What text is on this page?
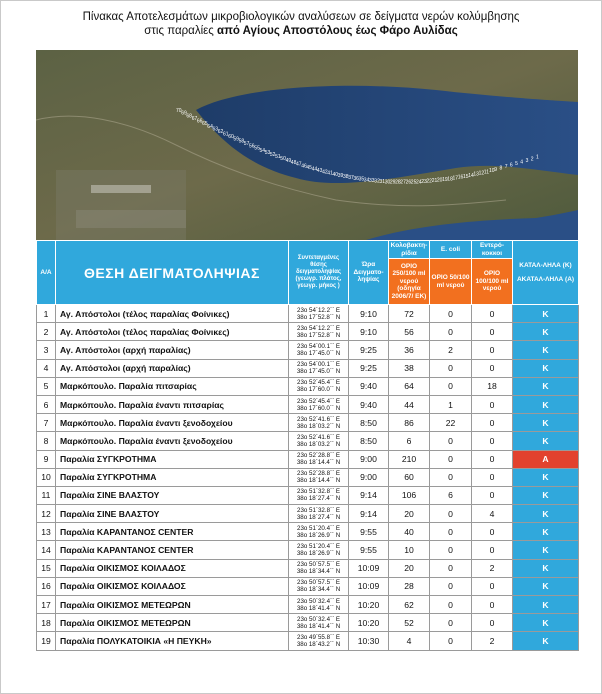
Πίνακας Αποτελεσμάτων μικροβιολογικών αναλύσεων σε δείγματα νερών κολύμβησης
στις παραλίες από Αγίους Αποστόλους έως Φάρο Αυλίδας
70 69 68 67 66 65 64 63 62 61 60 59 58 57 56 55 54 53 52 51 50 49 48 47 46 45 44 43 42 41 40 39 38 37 36 35 34 33 32 31 30 29 28 27 26 25 24 23 22 21 20 19 18 17 16 15 14 13 12 11 10 9 8 7 6 5 4 3 2 1
Α/Α	ΘΕΣΗ ΔΕΙΓΜΑΤΟΛΗΨΙΑΣ	Συντεταγμένες θέσης δειγματοληψίας (γεωγρ. πλάτος, γεωγρ. μήκος )	Ώρα Δειγματο-ληψίας	Κολοβακτη-ρίδια	E. coli	Εντερό-κοκκοι	ΚΑΤΑΛ-ΛΗΛΑ (Κ)
ΑΚΑΤΑΛ-ΛΗΛΑ (Α)

				ΟΡΙΟ 250/100 ml νερού (οδηγία 2006/7/ ΕΚ)	ΟΡΙΟ 50/100 ml νερού	ΟΡΙΟ 100/100 ml νερού	
1	Αγ. Απόστολοι (τέλος παραλίας Φοίνικες)	23ο 54΄12.2΄΄ Ε
38ο 17΄52.8΄΄ Ν	9:10	72	0	0	Κ
2	Αγ. Απόστολοι (τέλος παραλίας Φοίνικες)	23ο 54΄12.2΄΄ Ε
38ο 17΄52.8΄΄ Ν	9:10	56	0	0	Κ
3	Αγ. Απόστολοι (αρχή παραλίας)	23ο 54΄00.1΄΄ Ε
38ο 17΄45.0΄΄ Ν	9:25	36	2	0	Κ
4	Αγ. Απόστολοι (αρχή παραλίας)	23ο 54΄00.1΄΄ Ε
38ο 17΄45.0΄΄ Ν	9:25	38	0	0	Κ
5	Μαρκόπουλο. Παραλία πιτσαρίας	23ο 52΄45.4΄΄ Ε
38ο 17΄60.0΄΄ Ν	9:40	64	0	18	Κ
6	Μαρκόπουλο. Παραλία έναντι πιτσαρίας	23ο 52΄45.4΄΄ Ε
38ο 17΄60.0΄΄ Ν	9:40	44	1	0	Κ
7	Μαρκόπουλο. Παραλία έναντι ξενοδοχείου	23ο 52΄41.6΄΄ Ε
38ο 18΄03.2΄΄ Ν	8:50	86	22	0	Κ
8	Μαρκόπουλο. Παραλία έναντι ξενοδοχείου	23ο 52΄41.6΄΄ Ε
38ο 18΄03.2΄΄ Ν	8:50	6	0	0	Κ
9	Παραλία ΣΥΓΚΡΟΤΗΜΑ	23ο 52΄28.8΄΄ Ε
38ο 18΄14.4΄΄ Ν	9:00	210	0	0	Α
10	Παραλία ΣΥΓΚΡΟΤΗΜΑ	23ο 52΄28.8΄΄ Ε
38ο 18΄14.4΄΄ Ν	9:00	60	0	0	Κ
11	Παραλία ΣΙΝΕ ΒΛΑΣΤΟΥ	23ο 51΄32.8΄΄ Ε
38ο 18΄27.4΄΄ Ν	9:14	106	6	0	Κ
12	Παραλία ΣΙΝΕ ΒΛΑΣΤΟΥ	23ο 51΄32.8΄΄ Ε
38ο 18΄27.4΄΄ Ν	9:14	20	0	4	Κ
13	Παραλία ΚΑΡΑΝΤΑΝΟΣ CENTER	23ο 51΄20.4΄΄ Ε
38ο 18΄26.9΄΄ Ν	9:55	40	0	0	Κ
14	Παραλία ΚΑΡΑΝΤΑΝΟΣ CENTER	23ο 51΄20.4΄΄ Ε
38ο 18΄26.9΄΄ Ν	9:55	10	0	0	Κ
15	Παραλία ΟΙΚΙΣΜΟΣ ΚΟΙΛΑΔΟΣ	23ο 50΄57.5΄΄ Ε
38ο 18΄34.4΄΄ Ν	10:09	20	0	2	Κ
16	Παραλία ΟΙΚΙΣΜΟΣ ΚΟΙΛΑΔΟΣ	23ο 50΄57.5΄΄ Ε
38ο 18΄34.4΄΄ Ν	10:09	28	0	0	Κ
17	Παραλία ΟΙΚΙΣΜΟΣ ΜΕΤΕΩΡΩΝ	23ο 50΄32.4΄΄ Ε
38ο 18΄41.4΄΄ Ν	10:20	62	0	0	Κ
18	Παραλία ΟΙΚΙΣΜΟΣ ΜΕΤΕΩΡΩΝ	23ο 50΄32.4΄΄ Ε
38ο 18΄41.4΄΄ Ν	10:20	52	0	0	Κ
19	Παραλία ΠΟΛΥΚΑΤΟΙΚΙΑ «Η ΠΕΥΚΗ»	23ο 49΄55.8΄΄ Ε
38ο 18΄43.2΄΄ Ν	10:30	4	0	2	Κ
